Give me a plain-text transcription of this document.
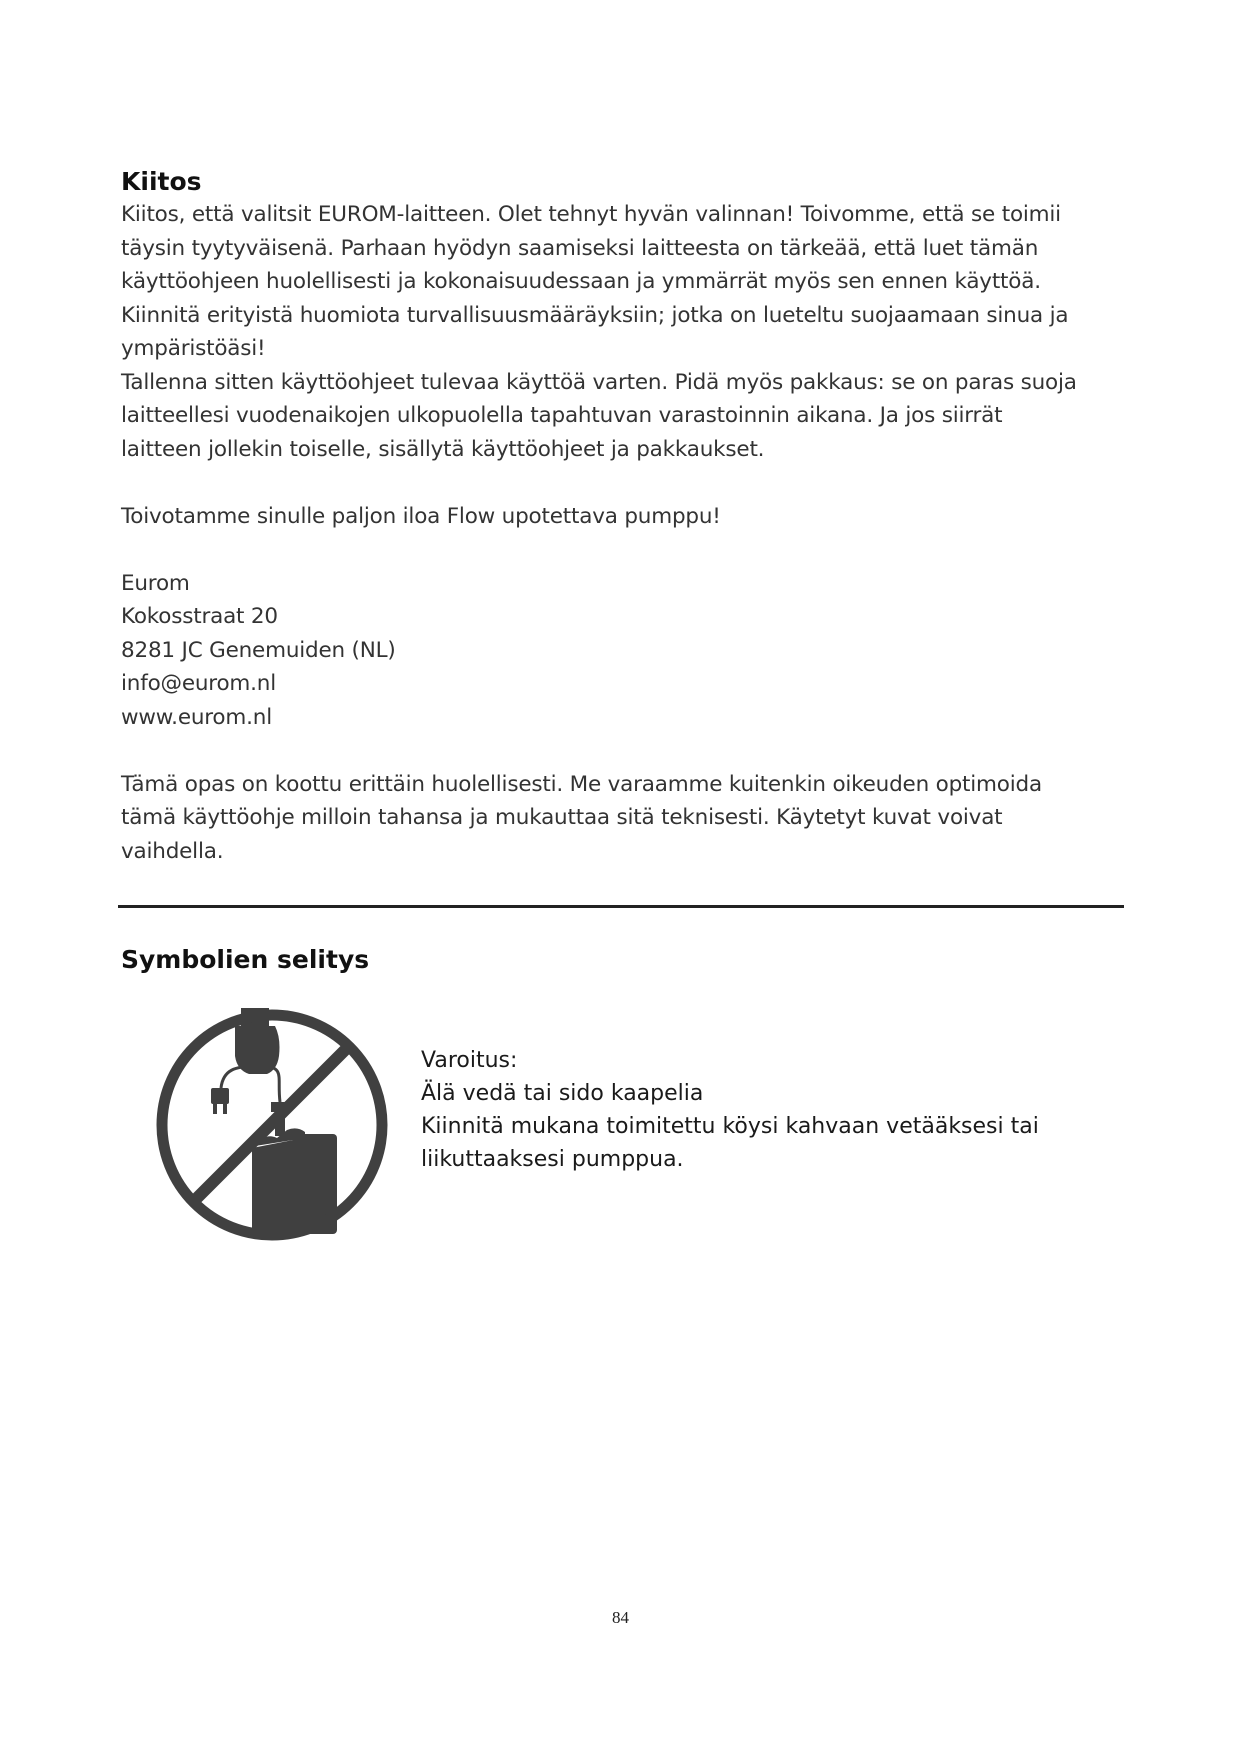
Kiitos

Kiitos, että valitsit EUROM-laitteen. Olet tehnyt hyvän valinnan! Toivomme, että se toimii

täysin tyytyväisenä. Parhaan hyödyn saamiseksi laitteesta on tärkeää, että luet tämän

käyttöohjeen huolellisesti ja kokonaisuudessaan ja ymmärrät myös sen ennen käyttöä.

Kiinnitä erityistä huomiota turvallisuusmääräyksiin; jotka on lueteltu suojaamaan sinua ja

ympäristöäsi!

Tallenna sitten käyttöohjeet tulevaa käyttöä varten. Pidä myös pakkaus: se on paras suoja

laitteellesi vuodenaikojen ulkopuolella tapahtuvan varastoinnin aikana. Ja jos siirrät

laitteen jollekin toiselle, sisällytä käyttöohjeet ja pakkaukset.

Toivotamme sinulle paljon iloa Flow upotettava pumppu!

Eurom

Kokosstraat 20

8281 JC Genemuiden (NL)

info@eurom.nl

www.eurom.nl

Tämä opas on koottu erittäin huolellisesti. Me varaamme kuitenkin oikeuden optimoida

tämä käyttöohje milloin tahansa ja mukauttaa sitä teknisesti. Käytetyt kuvat voivat

vaihdella.

Symbolien selitys

Varoitus:

Älä vedä tai sido kaapelia

Kiinnitä mukana toimitettu köysi kahvaan vetääksesi tai

liikuttaaksesi pumppua.

84
